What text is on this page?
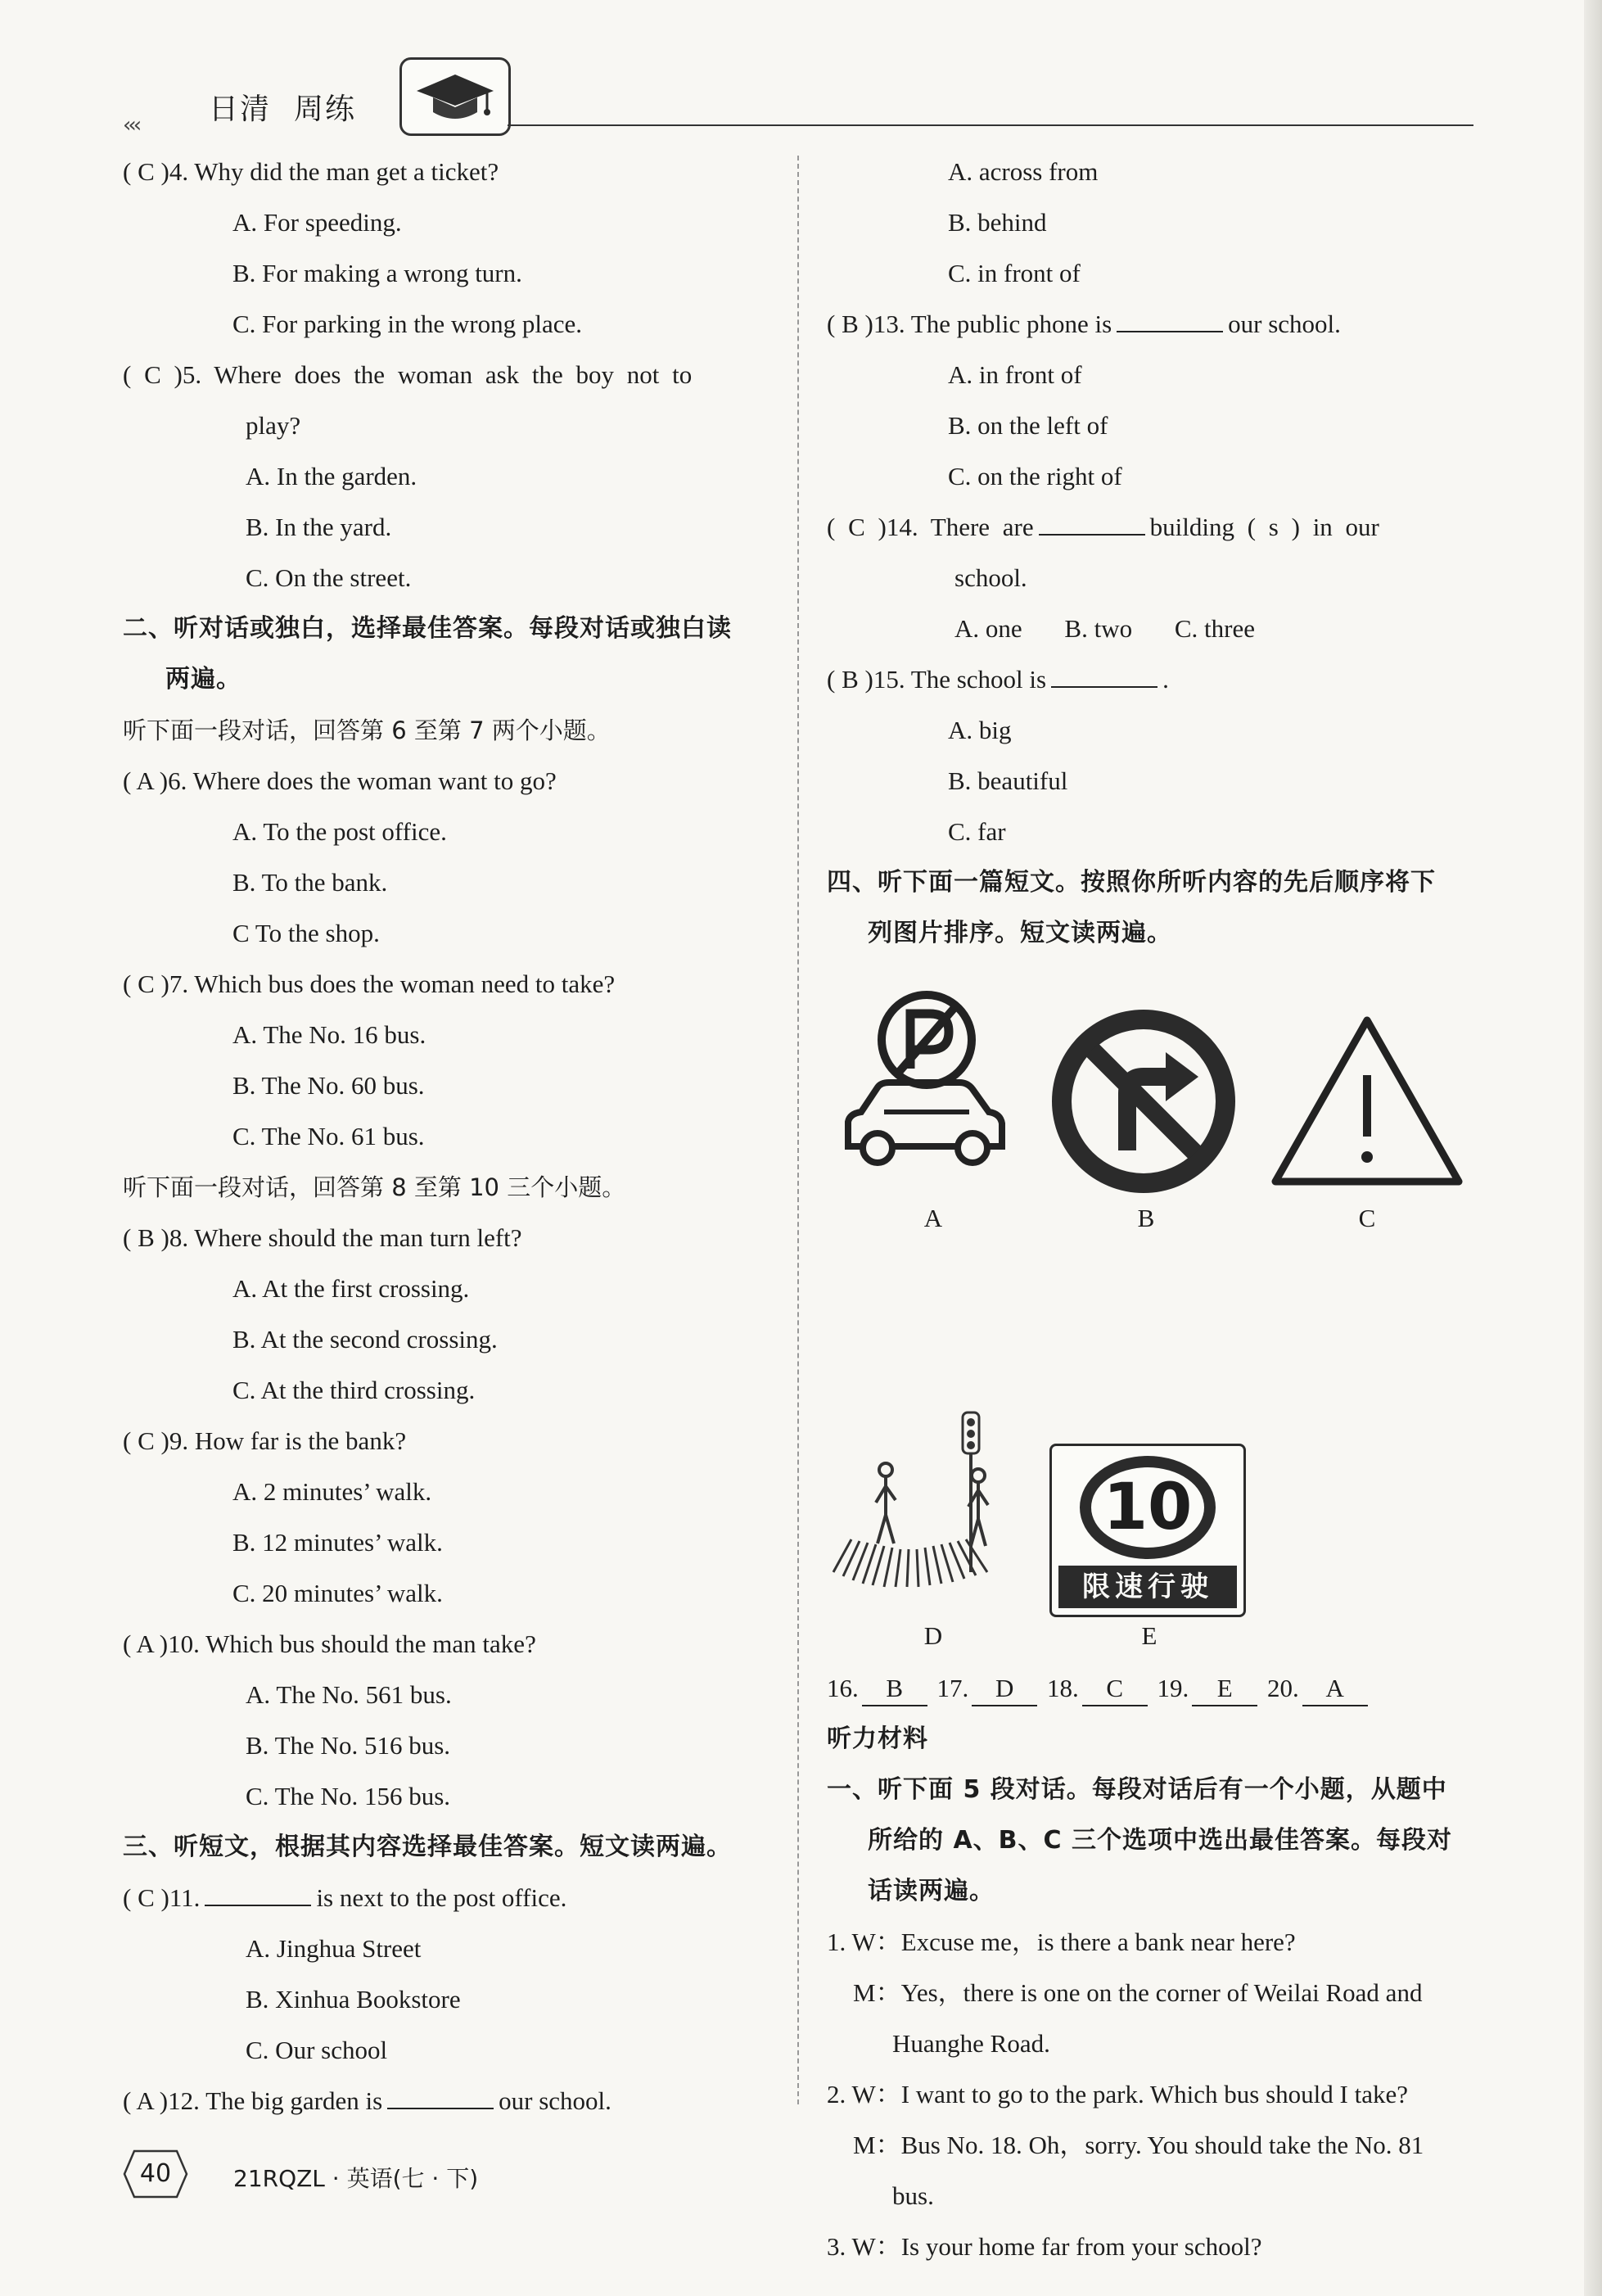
‹‹‹ 日清 周练
( C )4. Why did the man get a ticket?
A. For speeding.
B. For making a wrong turn.
C. For parking in the wrong place.
( C )5. Where does the woman ask the boy not to
play?
A. In the garden.
B. In the yard.
C. On the street.
二、听对话或独白，选择最佳答案。每段对话或独白读
两遍。
听下面一段对话，回答第 6 至第 7 两个小题。
( A )6. Where does the woman want to go?
A. To the post office.
B. To the bank.
C To the shop.
( C )7. Which bus does the woman need to take?
A. The No. 16 bus.
B. The No. 60 bus.
C. The No. 61 bus.
听下面一段对话，回答第 8 至第 10 三个小题。
( B )8. Where should the man turn left?
A. At the first crossing.
B. At the second crossing.
C. At the third crossing.
( C )9. How far is the bank?
A. 2 minutes’ walk.
B. 12 minutes’ walk.
C. 20 minutes’ walk.
( A )10. Which bus should the man take?
A. The No. 561 bus.
B. The No. 516 bus.
C. The No. 156 bus.
三、听短文，根据其内容选择最佳答案。短文读两遍。
( C )11.	is next to the post office.
A. Jinghua Street
B. Xinhua Bookstore
C. Our school
( A )12. The big garden is	our school.
A. across from
B. behind
C. in front of
( B )13. The public phone is	our school.
A. in front of
B. on the left of
C. on the right of
( C )14. There are	building ( s ) in our
school.
A. one B. two C. three
( B )15. The school is	.
A. big
B. beautiful
C. far
四、听下面一篇短文。按照你所听内容的先后顺序将下
列图片排序。短文读两遍。
A	B	C
D
10
限速行驶
E
16. B 17. D 18. C 19. E 20. A
听力材料
一、听下面 5 段对话。每段对话后有一个小题，从题中
所给的 A、B、C 三个选项中选出最佳答案。每段对
话读两遍。
1. W：Excuse me，is there a bank near here?
M：Yes，there is one on the corner of Weilai Road and
Huanghe Road.
2. W：I want to go to the park. Which bus should I take?
M：Bus No. 18. Oh，sorry. You should take the No. 81
bus.
3. W：Is your home far from your school?
40	21RQZL · 英语(七 · 下)
